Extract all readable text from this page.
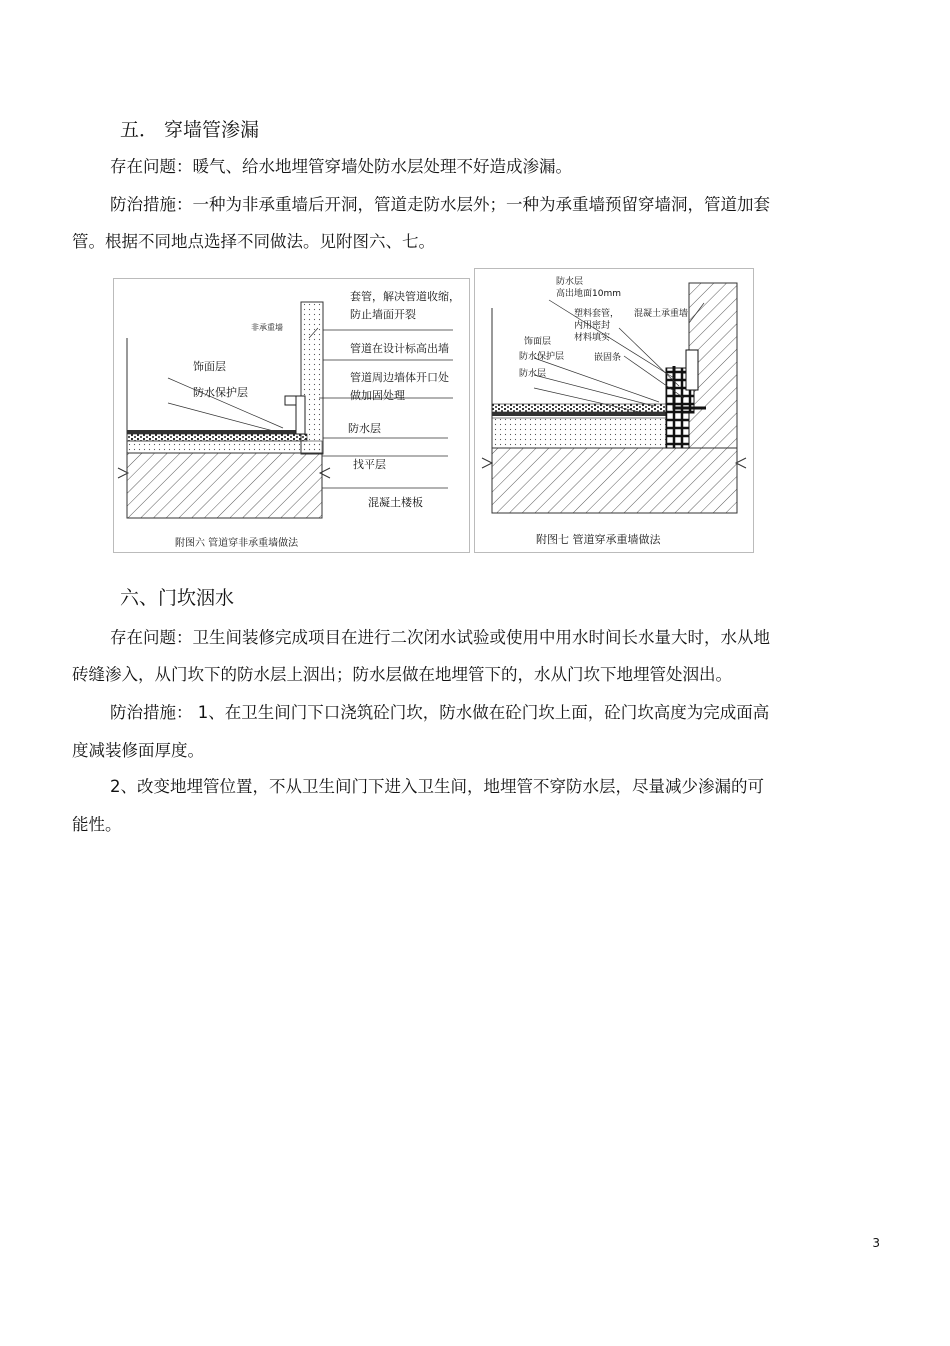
五． 穿墙管渗漏
存在问题：暖气、给水地埋管穿墙处防水层处理不好造成渗漏。
防治措施：一种为非承重墙后开洞，管道走防水层外；一种为承重墙预留穿墙洞，管道加套
管。根据不同地点选择不同做法。见附图六、七。
非承重墙
套管，解决管道收缩，
防止墙面开裂
管道在设计标高出墙
管道周边墙体开口处
做加固处理
饰面层
防水保护层
防水层
找平层
混凝土楼板
附图六 管道穿非承重墙做法
防水层
高出地面10mm
混凝土承重墙
塑料套管，
内用密封
材料填实
饰面层
防水保护层	嵌固条
防水层
附图七 管道穿承重墙做法
六、门坎洇水
存在问题：卫生间装修完成项目在进行二次闭水试验或使用中用水时间长水量大时，水从地
砖缝渗入，从门坎下的防水层上洇出；防水层做在地埋管下的，水从门坎下地埋管处洇出。
防治措施： 1、在卫生间门下口浇筑砼门坎，防水做在砼门坎上面，砼门坎高度为完成面高
度减装修面厚度。
2、改变地埋管位置，不从卫生间门下进入卫生间，地埋管不穿防水层，尽量减少渗漏的可
能性。
3
